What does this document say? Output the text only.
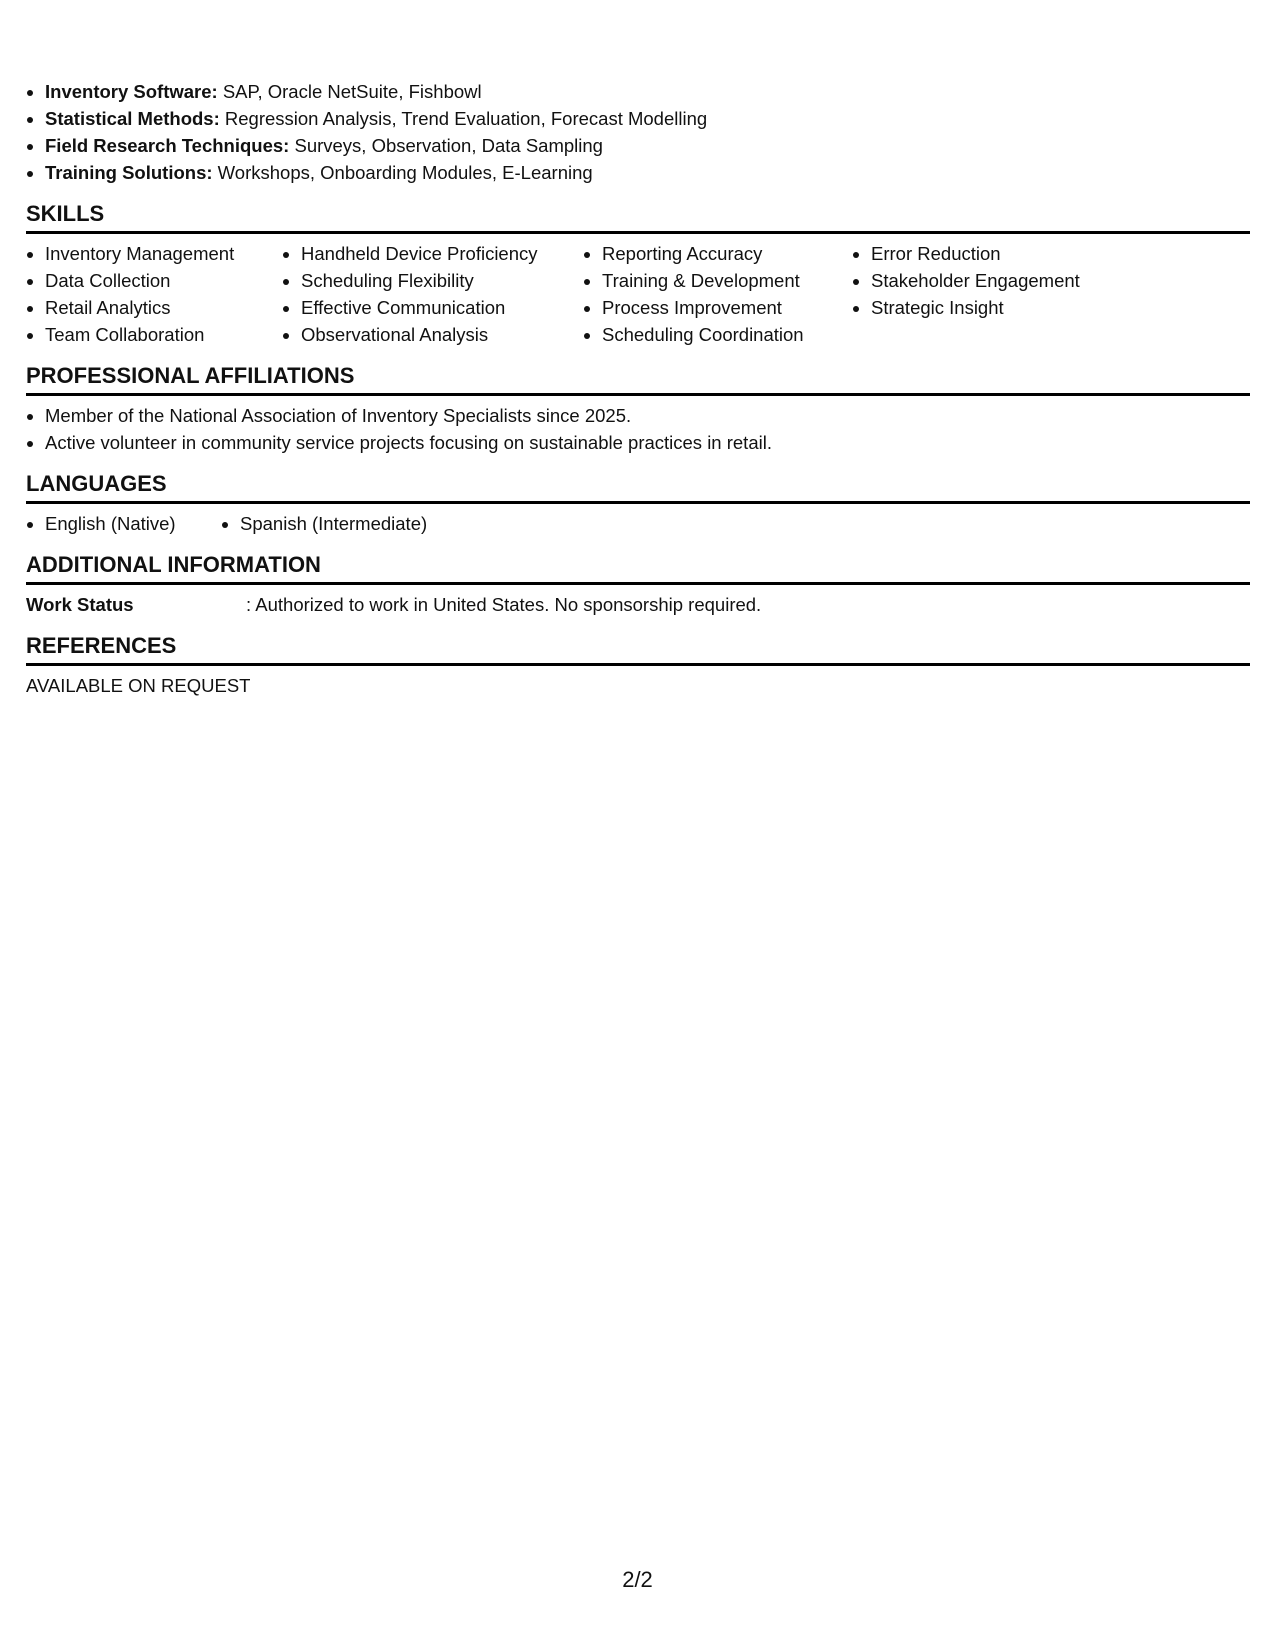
• Inventory Software: SAP, Oracle NetSuite, Fishbowl
• Statistical Methods: Regression Analysis, Trend Evaluation, Forecast Modelling
• Field Research Techniques: Surveys, Observation, Data Sampling
• Training Solutions: Workshops, Onboarding Modules, E-Learning
SKILLS
• Inventory Management
• Data Collection
• Retail Analytics
• Team Collaboration
• Handheld Device Proficiency
• Scheduling Flexibility
• Effective Communication
• Observational Analysis
• Reporting Accuracy
• Training & Development
• Process Improvement
• Scheduling Coordination
• Error Reduction
• Stakeholder Engagement
• Strategic Insight
PROFESSIONAL AFFILIATIONS
• Member of the National Association of Inventory Specialists since 2025.
• Active volunteer in community service projects focusing on sustainable practices in retail.
LANGUAGES
• English (Native)
•	Spanish (Intermediate)
ADDITIONAL INFORMATION
Work Status	: Authorized to work in United States. No sponsorship required.
REFERENCES
AVAILABLE ON REQUEST
2/2
